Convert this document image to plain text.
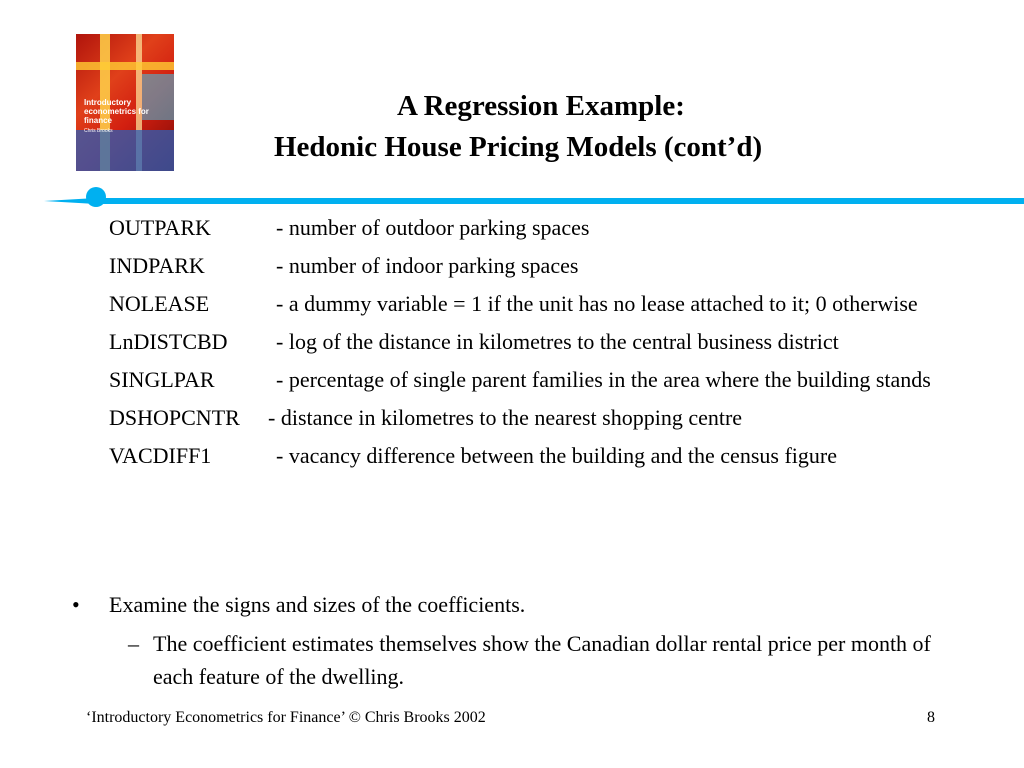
Introductory econometrics for finance
Chris Brooks
A Regression Example:
Hedonic House Pricing Models (cont’d)
OUTPARK	- number of outdoor parking spaces
INDPARK	- number of indoor parking spaces
NOLEASE	- a dummy variable = 1 if the unit has no lease attached to it; 0 otherwise
LnDISTCBD	- log of the distance in kilometres to the central business district
SINGLPAR	- percentage of single parent families in the area where the building stands
DSHOPCNTR	- distance in kilometres to the nearest shopping centre
VACDIFF1	- vacancy difference between the building and the census figure
• Examine the signs and sizes of the coefficients.
– The coefficient estimates themselves show the Canadian dollar rental price per month of each feature of the dwelling.
‘Introductory Econometrics for Finance’ © Chris Brooks 2002	8
